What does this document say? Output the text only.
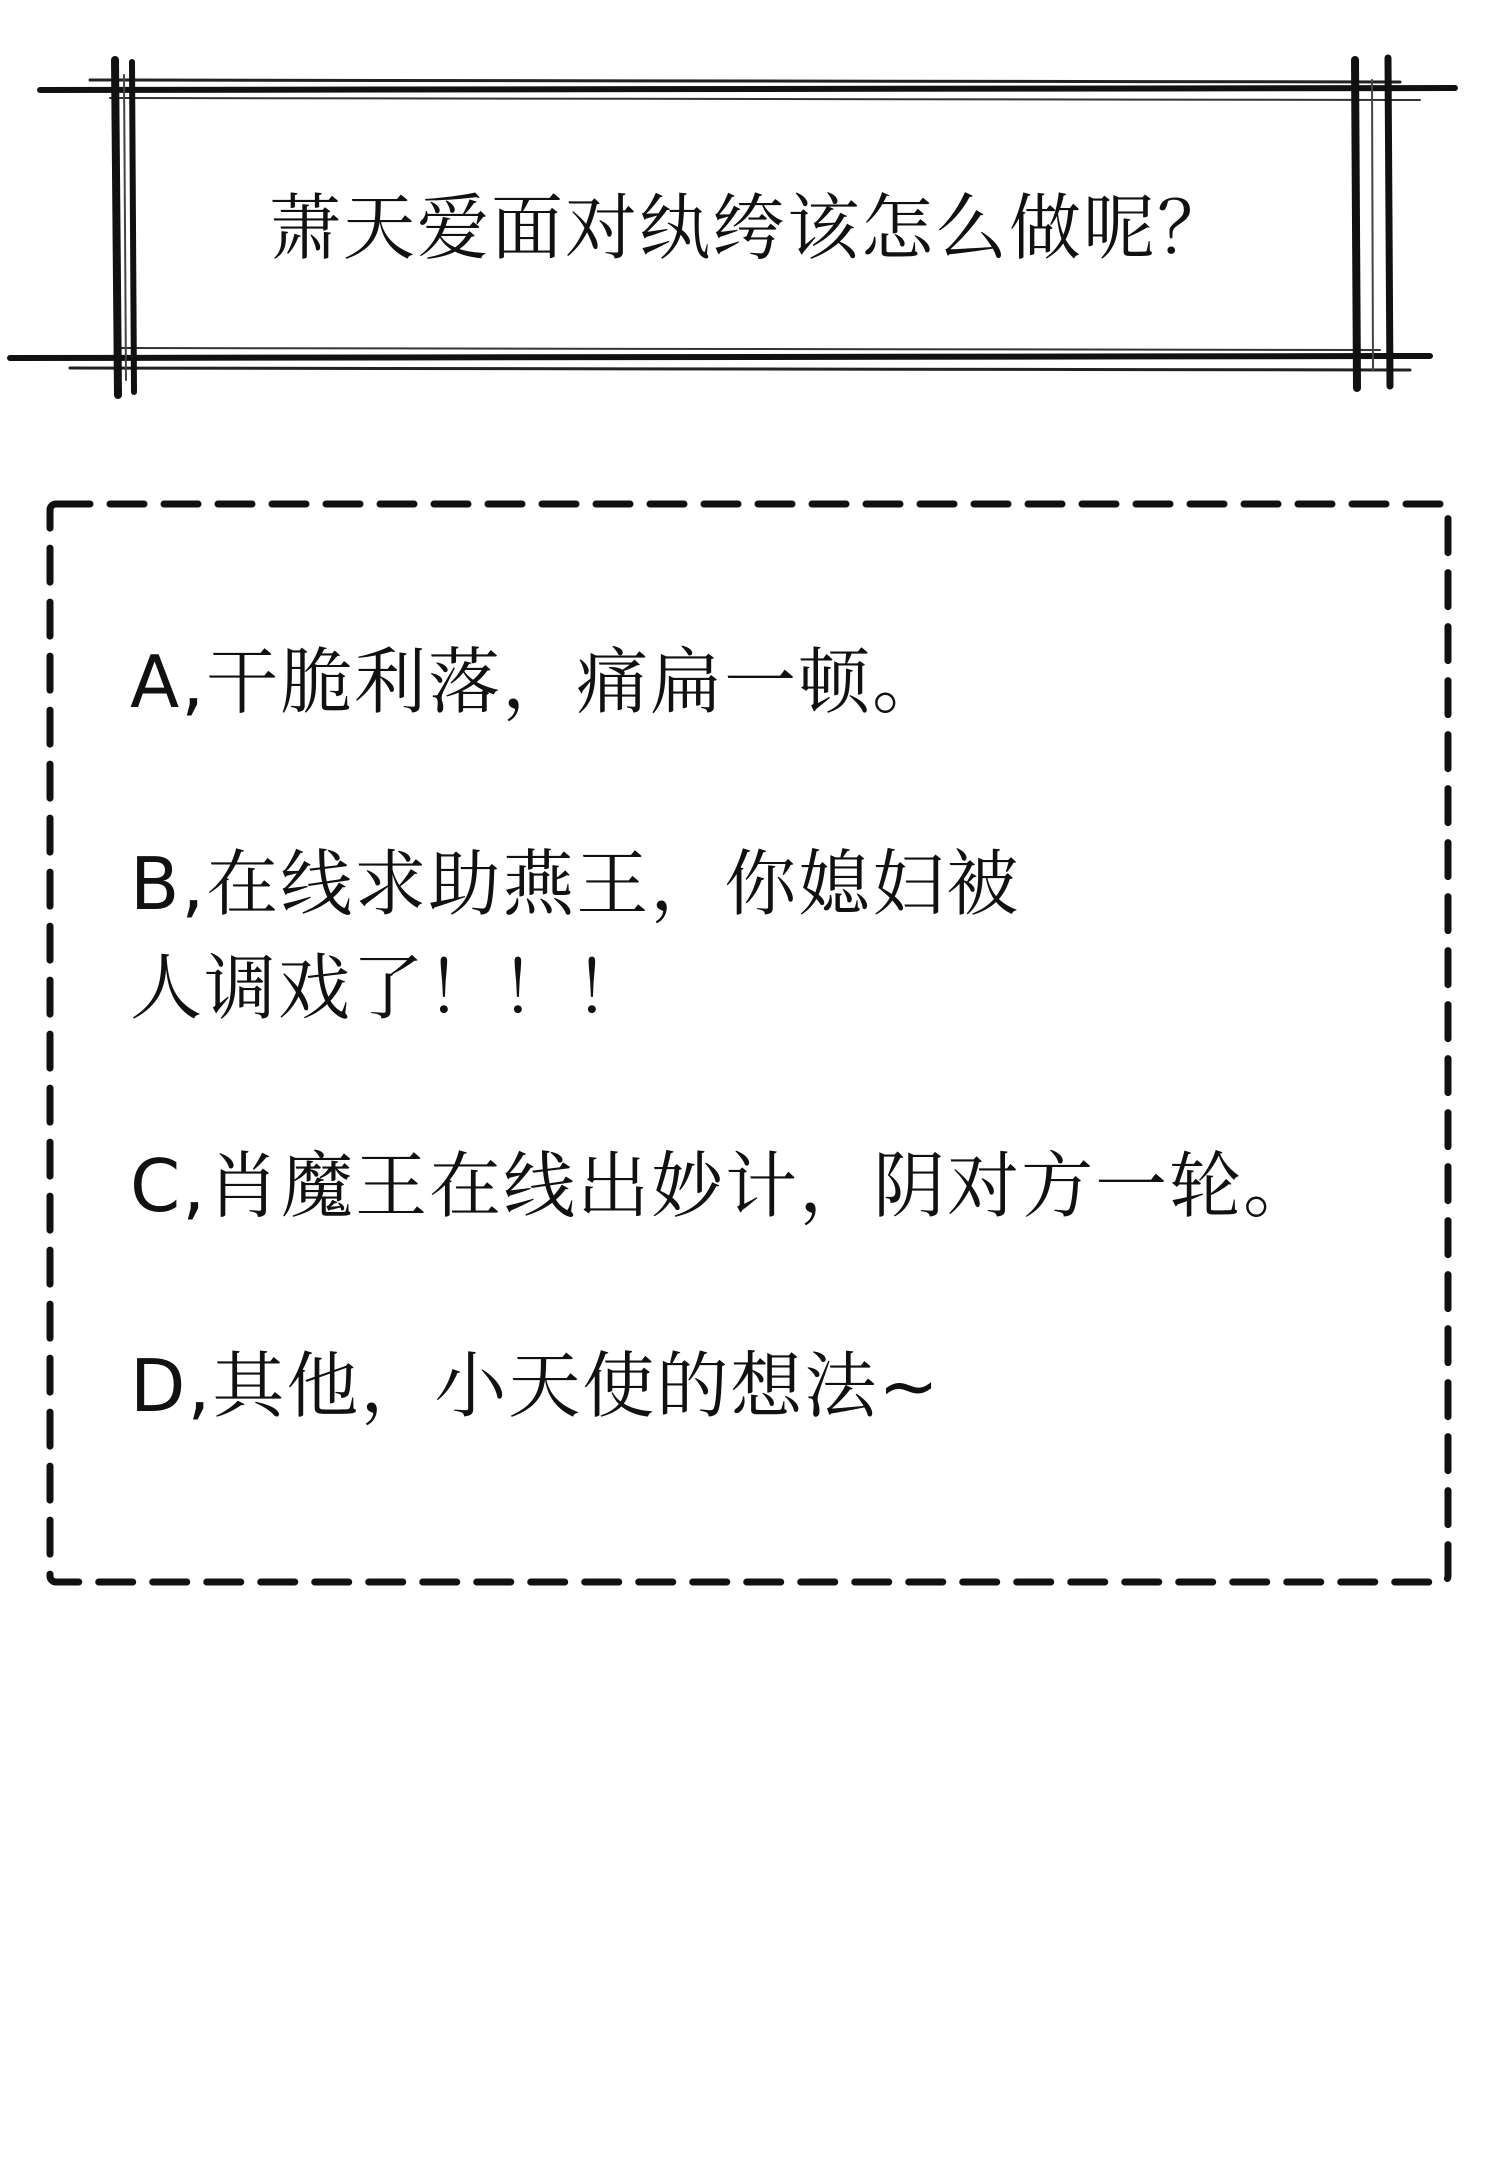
萧天爱面对纨绔该怎么做呢？
A,干脆利落，痛扁一顿。
B,在线求助燕王，你媳妇被
人调戏了！！！
C,肖魔王在线出妙计，阴对方一轮。
D,其他，小天使的想法~
